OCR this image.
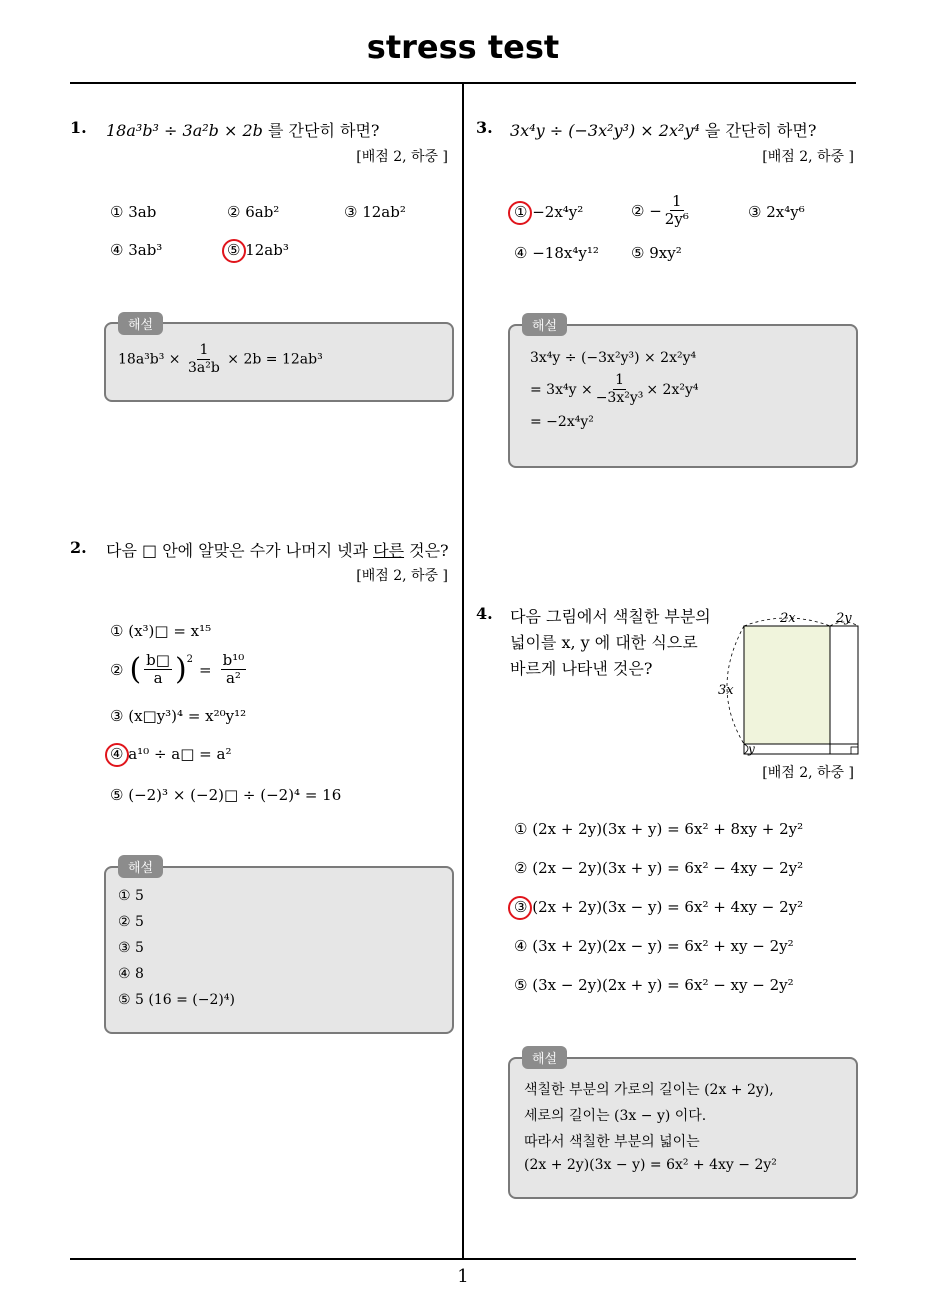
stress test
1
1. 18a³b³ ÷ 3a²b × 2b 를 간단히 하면?
[배점 2, 하중 ]
① 3ab	② 6ab²	③ 12ab²
④ 3ab³	⑤ 12ab³
$18a^3b^3 \times \frac{1}{\text{3a²b}} \times 2b = 12ab^3$
해설
2. 다음 □ 안에 알맞은 수가 나머지 넷과 다른 것은?
[배점 2, 하중 ]
① (x³)□ = x¹⁵
② ( $\frac{b□}{a}$ ) 2
= $\frac{\text{b¹⁰}}{\text{a²}}$
③ (x□y³)⁴ = x²⁰y¹²
④ a¹⁰ ÷ a□ = a²
⑤ (−2)³ × (−2)□ ÷ (−2)⁴ = 16
① 5
② 5
③ 5
④ 8
⑤ 5 (16 = (−2)⁴)
해설
3. 3x⁴y ÷ (−3x²y³) × 2x²y⁴ 을 간단히 하면?
[배점 2, 하중 ]
① −2x⁴y²	② − $\frac{1}{\text{2y⁶}}$	③ 2x⁴y⁶
④ −18x⁴y¹² ⑤ 9xy²
3x⁴y ÷ (−3x²y³) × 2x²y⁴
= $3x^4y \times \frac{1}{\text{−3x²y³}} \times 2x^2y^4$
= −2x⁴y²
해설
4. 다음 그림에서 색칠한 부분의
넓이를 x, y 에 대한 식으로
바르게 나타낸 것은?
2x	2y
3x
y
[배점 2, 하중 ]
① (2x + 2y)(3x + y) = 6x² + 8xy + 2y²
② (2x − 2y)(3x + y) = 6x² − 4xy − 2y²
③ (2x + 2y)(3x − y) = 6x² + 4xy − 2y²
④ (3x + 2y)(2x − y) = 6x² + xy − 2y²
⑤ (3x − 2y)(2x + y) = 6x² − xy − 2y²
색칠한 부분의 가로의 길이는 (2x + 2y),
세로의 길이는 (3x − y) 이다.
따라서 색칠한 부분의 넓이는
(2x + 2y)(3x − y) = 6x² + 4xy − 2y²
해설
